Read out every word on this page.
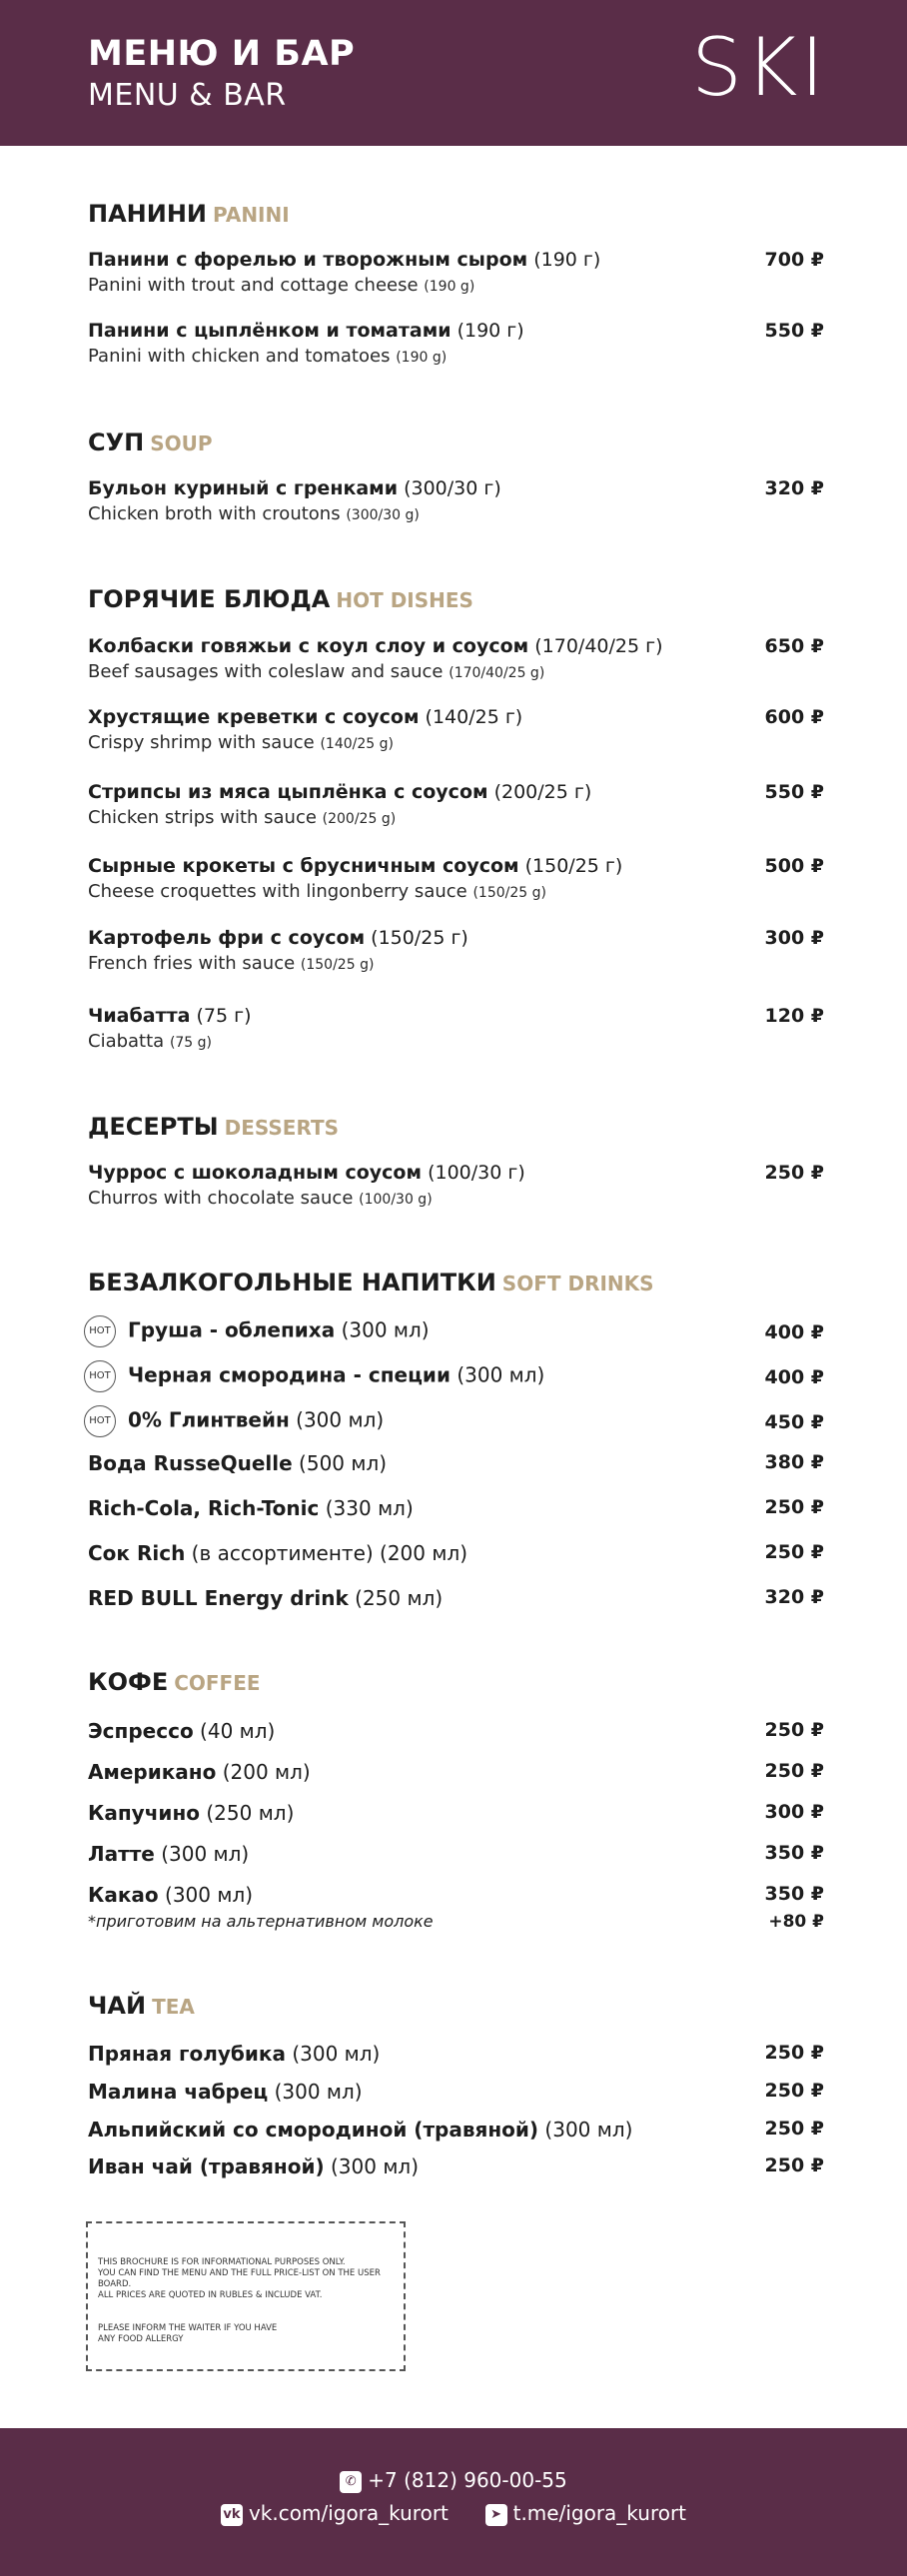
МЕНЮ И БАР
MENU & BAR	SKI
ПАНИНИ PANINI
Панини с форелью и творожным сыром (190 г)
Panini with trout and cottage cheese (190 g)
700 ₽
Панини с цыплёнком и томатами (190 г)
Panini with chicken and tomatoes (190 g)
550 ₽
СУП SOUP
Бульон куриный с гренками (300/30 г)
Chicken broth with croutons (300/30 g)
320 ₽
ГОРЯЧИЕ БЛЮДА HOT DISHES
Колбаски говяжьи с коул слоу и соусом (170/40/25 г)
Beef sausages with coleslaw and sauce (170/40/25 g)
650 ₽
Хрустящие креветки с соусом (140/25 г)
Crispy shrimp with sauce (140/25 g)
600 ₽
Стрипсы из мяса цыплёнка с соусом (200/25 г)
Chicken strips with sauce (200/25 g)
550 ₽
Сырные крокеты с брусничным соусом (150/25 г)
Cheese croquettes with lingonberry sauce (150/25 g)
500 ₽
Картофель фри с соусом (150/25 г)
French fries with sauce (150/25 g)
300 ₽
Чиабатта (75 г)
Ciabatta (75 g)
120 ₽
ДЕСЕРТЫ DESSERTS
Чуррос с шоколадным соусом (100/30 г)
Churros with chocolate sauce (100/30 g)
250 ₽
БЕЗАЛКОГОЛЬНЫЕ НАПИТКИ SOFT DRINKS
HOT Груша - облепиха (300 мл)	400 ₽
HOT Черная смородина - специи (300 мл)	400 ₽
HOT 0% Глинтвейн (300 мл)	450 ₽
Вода RusseQuelle (500 мл)	380 ₽
Rich-Cola, Rich-Tonic (330 мл)	250 ₽
Сок Rich (в ассортименте) (200 мл)	250 ₽
RED BULL Energy drink (250 мл)	320 ₽
КОФЕ COFFEE
Эспрессо (40 мл)	250 ₽
Американо (200 мл)	250 ₽
Капучино (250 мл)	300 ₽
Латте (300 мл)	350 ₽
Какао (300 мл)	350 ₽
*приготовим на альтернативном молоке	+80 ₽
ЧАЙ TEA
Пряная голубика (300 мл)	250 ₽
Малина чабрец (300 мл)	250 ₽
Альпийский со смородиной (травяной) (300 мл)	250 ₽
Иван чай (травяной) (300 мл)	250 ₽

THIS BROCHURE IS FOR INFORMATIONAL PURPOSES ONLY.

YOU CAN FIND THE MENU AND THE FULL PRICE-LIST ON THE USER BOARD.

ALL PRICES ARE QUOTED IN RUBLES & INCLUDE VAT.

PLEASE INFORM THE WAITER IF YOU HAVE

ANY FOOD ALLERGY

✆ +7 (812) 960-00-55
vk vk.com/igora_kurort	➤ t.me/igora_kurort
